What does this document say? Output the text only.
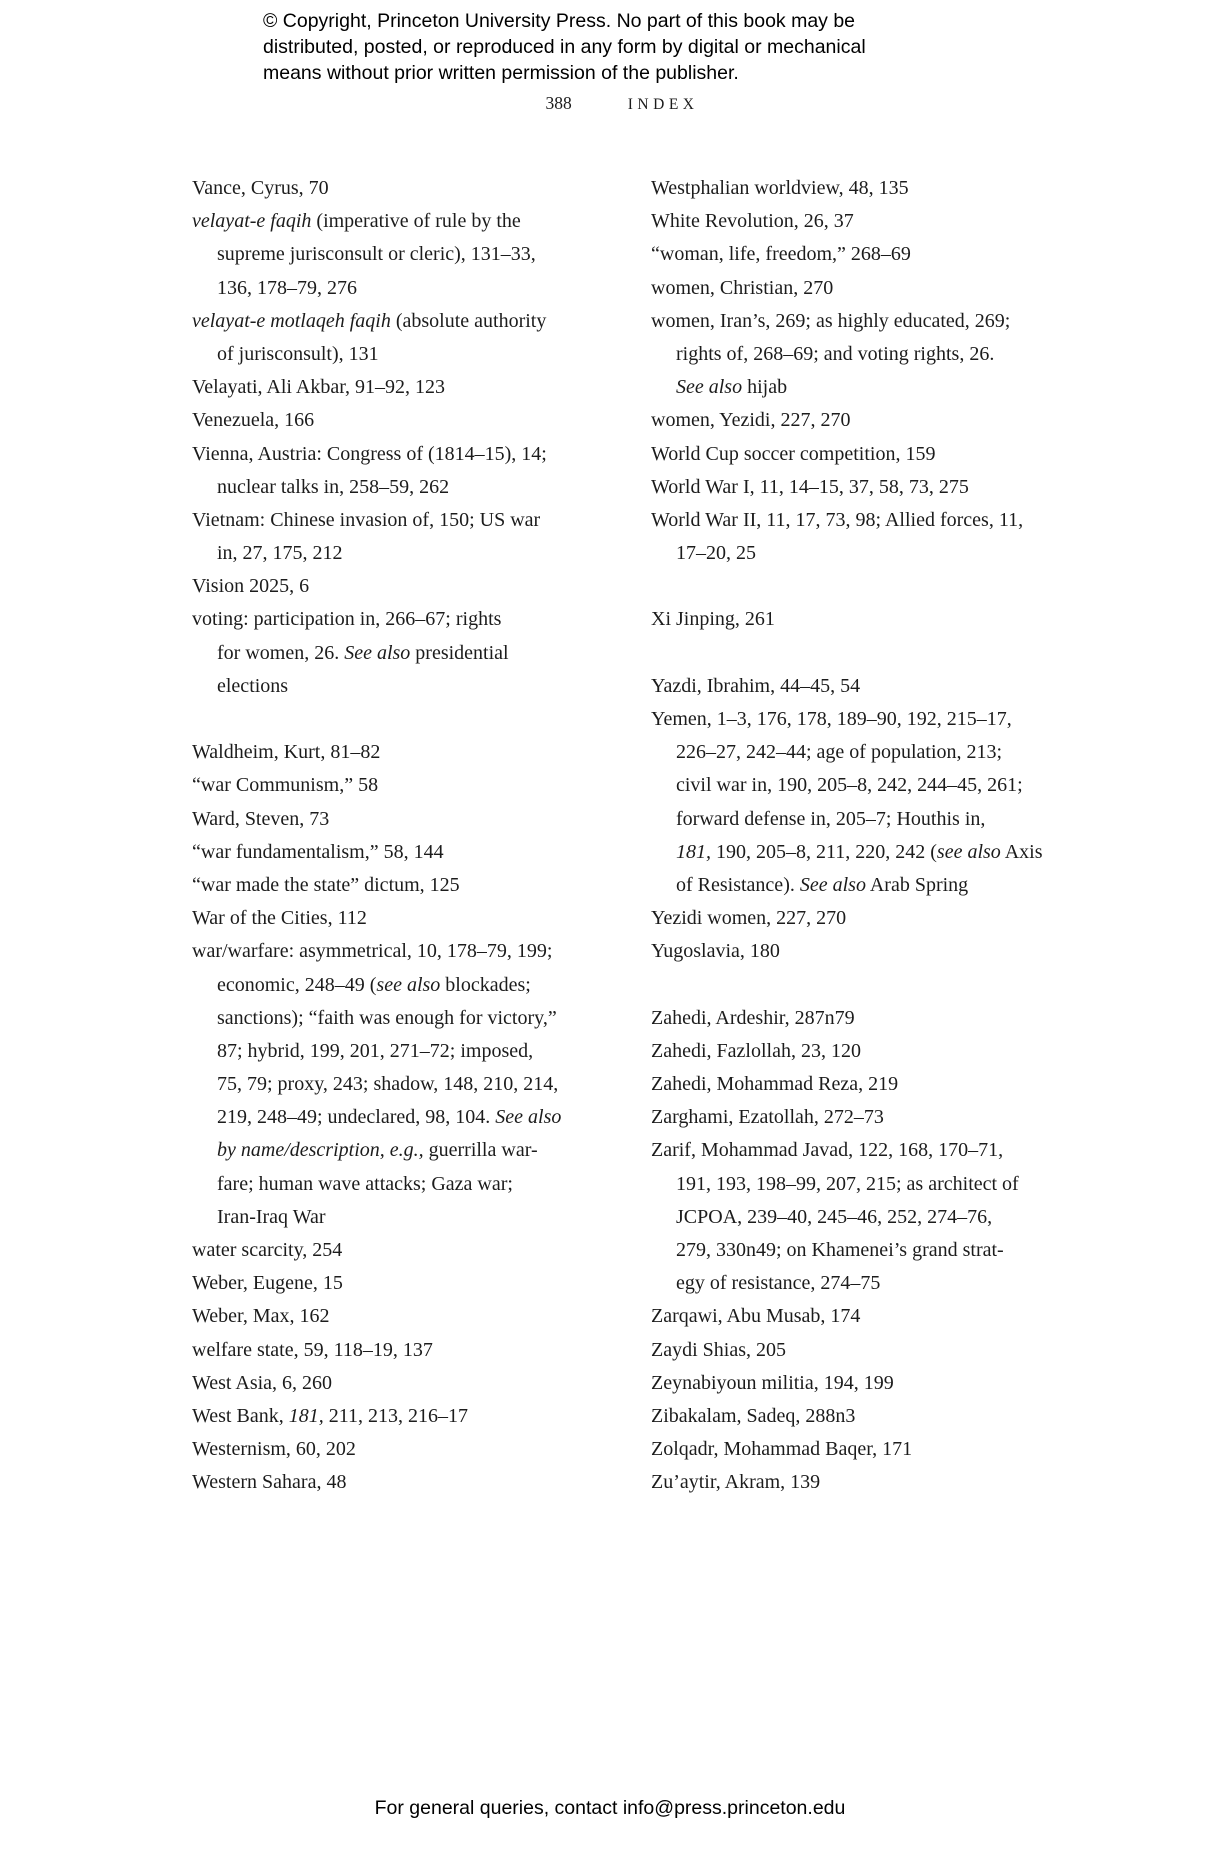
© Copyright, Princeton University Press. No part of this book may be
distributed, posted, or reproduced in any form by digital or mechanical
means without prior written permission of the publisher.
388	INDEX
Vance, Cyrus, 70
velayat-e faqih (imperative of rule by the
supreme jurisconsult or cleric), 131–33,
136, 178–79, 276
velayat-e motlaqeh faqih (absolute authority
of jurisconsult), 131
Velayati, Ali Akbar, 91–92, 123
Venezuela, 166
Vienna, Austria: Congress of (1814–15), 14;
nuclear talks in, 258–59, 262
Vietnam: Chinese invasion of, 150; US war
in, 27, 175, 212
Vision 2025, 6
voting: participation in, 266–67; rights
for women, 26. See also presidential
elections
Waldheim, Kurt, 81–82
“war Communism,” 58
Ward, Steven, 73
“war fundamentalism,” 58, 144
“war made the state” dictum, 125
War of the Cities, 112
war/warfare: asymmetrical, 10, 178–79, 199;
economic, 248–49 (see also blockades;
sanctions); “faith was enough for victory,”
87; hybrid, 199, 201, 271–72; imposed,
75, 79; proxy, 243; shadow, 148, 210, 214,
219, 248–49; undeclared, 98, 104. See also
by name/description, e.g., guerrilla war-
fare; human wave attacks; Gaza war;
Iran-Iraq War
water scarcity, 254
Weber, Eugene, 15
Weber, Max, 162
welfare state, 59, 118–19, 137
West Asia, 6, 260
West Bank, 181, 211, 213, 216–17
Westernism, 60, 202
Western Sahara, 48
Westphalian worldview, 48, 135
White Revolution, 26, 37
“woman, life, freedom,” 268–69
women, Christian, 270
women, Iran’s, 269; as highly educated, 269;
rights of, 268–69; and voting rights, 26.
See also hijab
women, Yezidi, 227, 270
World Cup soccer competition, 159
World War I, 11, 14–15, 37, 58, 73, 275
World War II, 11, 17, 73, 98; Allied forces, 11,
17–20, 25
Xi Jinping, 261
Yazdi, Ibrahim, 44–45, 54
Yemen, 1–3, 176, 178, 189–90, 192, 215–17,
226–27, 242–44; age of population, 213;
civil war in, 190, 205–8, 242, 244–45, 261;
forward defense in, 205–7; Houthis in,
181, 190, 205–8, 211, 220, 242 (see also Axis
of Resistance). See also Arab Spring
Yezidi women, 227, 270
Yugoslavia, 180
Zahedi, Ardeshir, 287n79
Zahedi, Fazlollah, 23, 120
Zahedi, Mohammad Reza, 219
Zarghami, Ezatollah, 272–73
Zarif, Mohammad Javad, 122, 168, 170–71,
191, 193, 198–99, 207, 215; as architect of
JCPOA, 239–40, 245–46, 252, 274–76,
279, 330n49; on Khamenei’s grand strat-
egy of resistance, 274–75
Zarqawi, Abu Musab, 174
Zaydi Shias, 205
Zeynabiyoun militia, 194, 199
Zibakalam, Sadeq, 288n3
Zolqadr, Mohammad Baqer, 171
Zu’aytir, Akram, 139
For general queries, contact info@press.princeton.edu
